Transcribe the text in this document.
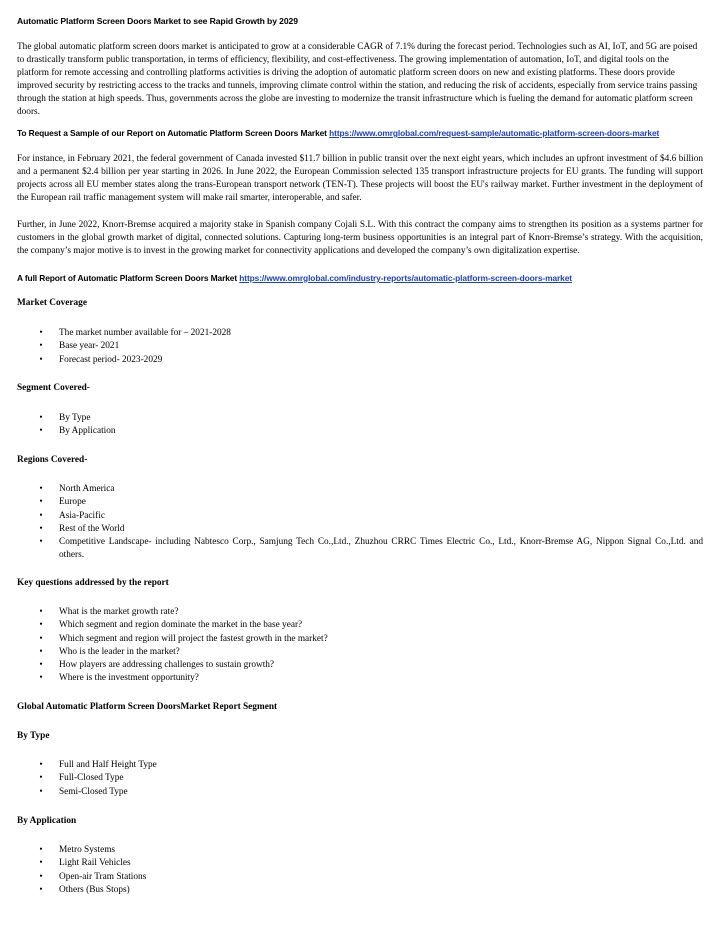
Automatic Platform Screen Doors Market to see Rapid Growth by 2029

The global automatic platform screen doors market is anticipated to grow at a considerable CAGR of 7.1% during the forecast period. Technologies such as AI, IoT, and 5G are poised to drastically transform public transportation, in terms of efficiency, flexibility, and cost-effectiveness. The growing implementation of automation, IoT, and digital tools on the platform for remote accessing and controlling platforms activities is driving the adoption of automatic platform screen doors on new and existing platforms. These doors provide improved security by restricting access to the tracks and tunnels, improving climate control within the station, and reducing the risk of accidents, especially from service trains passing through the station at high speeds. Thus, governments across the globe are investing to modernize the transit infrastructure which is fueling the demand for automatic platform screen doors.

To Request a Sample of our Report on Automatic Platform Screen Doors Market https://www.omrglobal.com/request-sample/automatic-platform-screen-doors-market

For instance, in February 2021, the federal government of Canada invested $11.7 billion in public transit over the next eight years, which includes an upfront investment of $4.6 billion and a permanent $2.4 billion per year starting in 2026. In June 2022, the European Commission selected 135 transport infrastructure projects for EU grants. The funding will support projects across all EU member states along the trans-European transport network (TEN-T). These projects will boost the EU's railway market. Further investment in the deployment of the European rail traffic management system will make rail smarter, interoperable, and safer.

Further, in June 2022, Knorr-Bremse acquired a majority stake in Spanish company Cojali S.L. With this contract the company aims to strengthen its position as a systems partner for customers in the global growth market of digital, connected solutions. Capturing long-term business opportunities is an integral part of Knorr-Bremse’s strategy. With the acquisition, the company’s major motive is to invest in the growing market for connectivity applications and developed the company’s own digitalization expertise.

A full Report of Automatic Platform Screen Doors Market https://www.omrglobal.com/industry-reports/automatic-platform-screen-doors-market
Market Coverage
•	The market number available for – 2021-2028
•	Base year- 2021
•	Forecast period- 2023-2029
Segment Covered-
•	By Type
•	By Application
Regions Covered-
•	North America
•	Europe
•	Asia-Pacific
•	Rest of the World
•	Competitive Landscape- including Nabtesco Corp., Samjung Tech Co.,Ltd., Zhuzhou CRRC Times Electric Co., Ltd., Knorr-Bremse AG, Nippon Signal Co.,Ltd. and others.
Key questions addressed by the report
•	What is the market growth rate?
•	Which segment and region dominate the market in the base year?
•	Which segment and region will project the fastest growth in the market?
•	Who is the leader in the market?
•	How players are addressing challenges to sustain growth?
•	Where is the investment opportunity?
Global Automatic Platform Screen DoorsMarket Report Segment
By Type
•	Full and Half Height Type
•	Full-Closed Type
•	Semi-Closed Type
By Application
•	Metro Systems
•	Light Rail Vehicles
•	Open-air Tram Stations
•	Others (Bus Stops)
